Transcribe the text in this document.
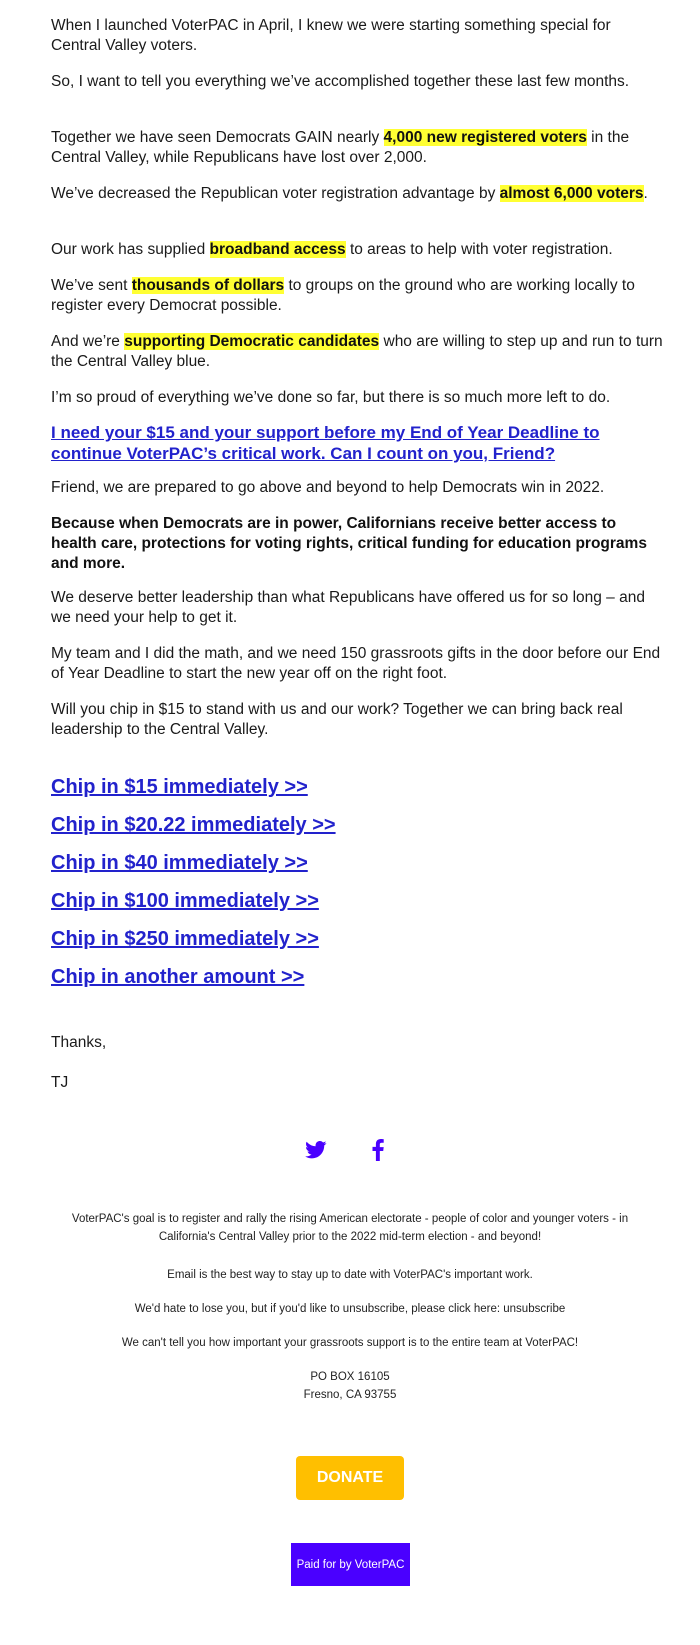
When I launched VoterPAC in April, I knew we were starting something special for Central Valley voters.

So, I want to tell you everything we’ve accomplished together these last few months.

Together we have seen Democrats GAIN nearly 4,000 new registered voters in the Central Valley, while Republicans have lost over 2,000.

We’ve decreased the Republican voter registration advantage by almost 6,000 voters.

Our work has supplied broadband access to areas to help with voter registration.

We’ve sent thousands of dollars to groups on the ground who are working locally to register every Democrat possible.

And we’re supporting Democratic candidates who are willing to step up and run to turn the Central Valley blue.

I’m so proud of everything we’ve done so far, but there is so much more left to do.

I need your $15 and your support before my End of Year Deadline to continue VoterPAC’s critical work. Can I count on you, Friend?

Friend, we are prepared to go above and beyond to help Democrats win in 2022.

Because when Democrats are in power, Californians receive better access to health care, protections for voting rights, critical funding for education programs and more.

We deserve better leadership than what Republicans have offered us for so long – and we need your help to get it.

My team and I did the math, and we need 150 grassroots gifts in the door before our End of Year Deadline to start the new year off on the right foot.

Will you chip in $15 to stand with us and our work? Together we can bring back real leadership to the Central Valley.

Chip in $15 immediately >>
Chip in $20.22 immediately >>
Chip in $40 immediately >>
Chip in $100 immediately >>
Chip in $250 immediately >>
Chip in another amount >>

Thanks,

TJ

VoterPAC's goal is to register and rally the rising American electorate - people of color and younger voters - in California's Central Valley prior to the 2022 mid-term election - and beyond!

Email is the best way to stay up to date with VoterPAC's important work.

We'd hate to lose you, but if you'd like to unsubscribe, please click here: unsubscribe

We can't tell you how important your grassroots support is to the entire team at VoterPAC!

PO BOX 16105

Fresno, CA 93755

DONATE
Paid for by VoterPAC
